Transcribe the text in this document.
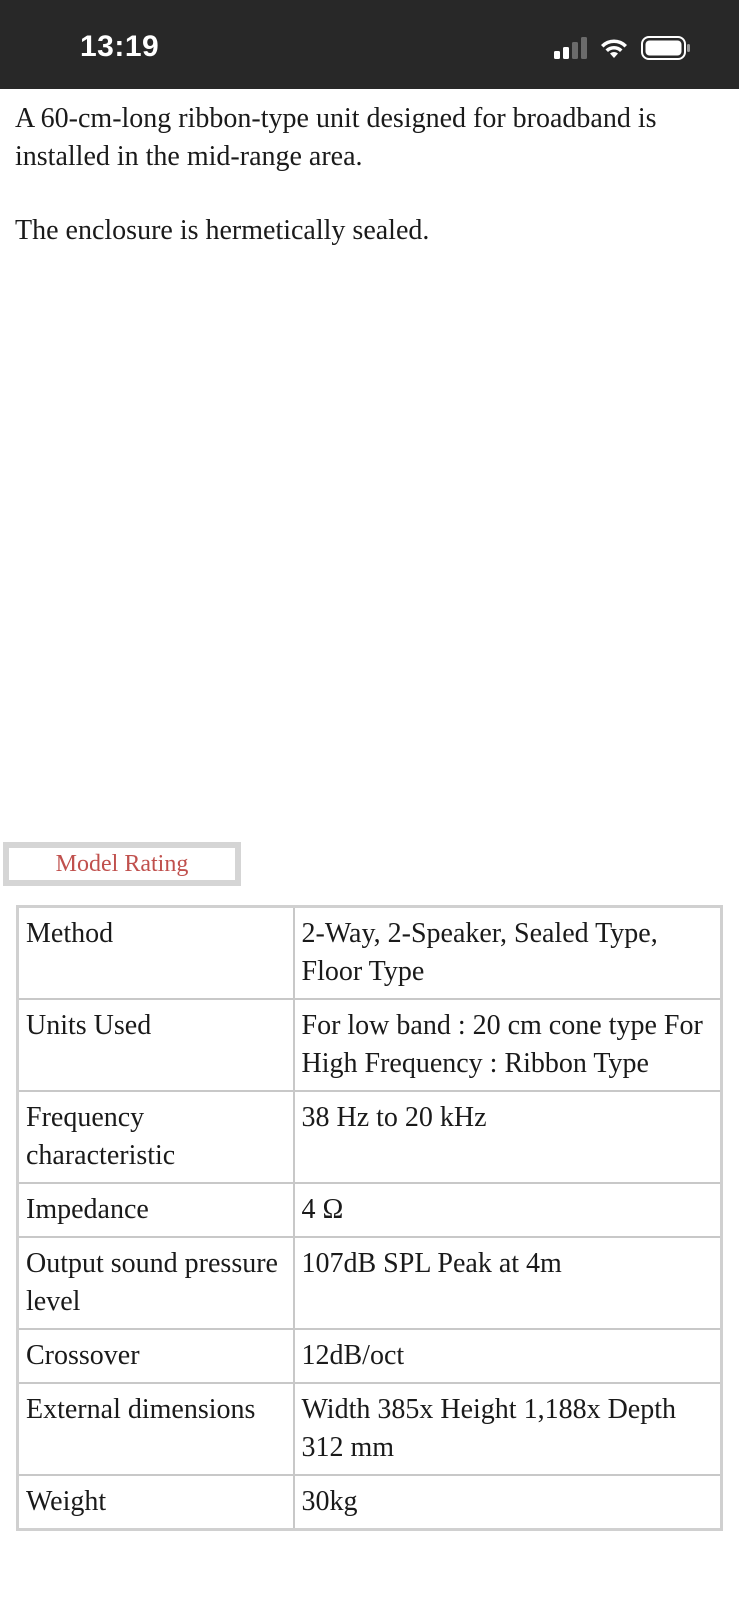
13:19

A 60-cm-long ribbon-type unit designed for broadband is installed in the mid-range area.

The enclosure is hermetically sealed.

Model Rating
Method	2-Way, 2-Speaker, Sealed Type, Floor Type
Units Used	For low band : 20 cm cone type For High Frequency : Ribbon Type
Frequency characteristic	38 Hz to 20 kHz
Impedance	4 Ω
Output sound pressure level	107dB SPL Peak at 4m
Crossover	12dB/oct
External dimensions	Width 385x Height 1,188x Depth 312 mm
Weight	30kg
